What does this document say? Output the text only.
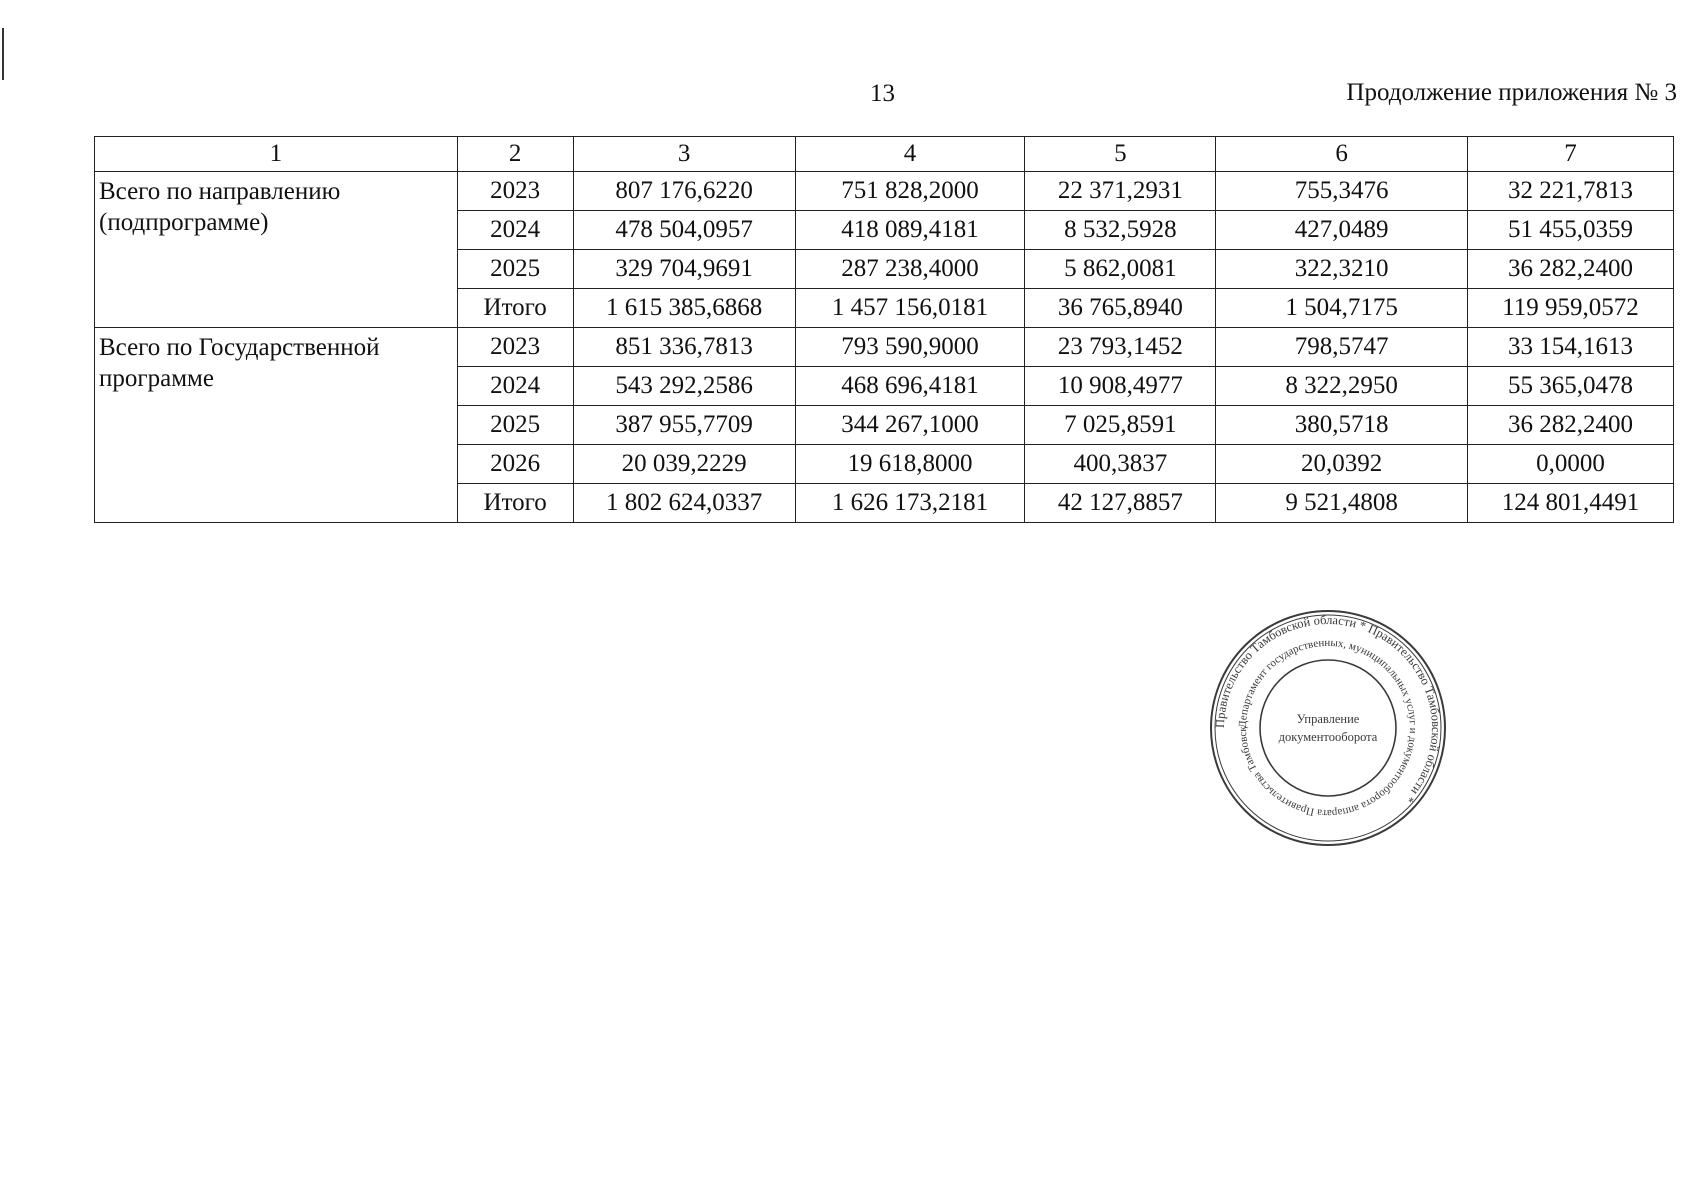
13	Продолжение приложения № 3
1	2	3	4	5	6	7
Всего по направлению (подпрограмме)	2023	807 176,6220	751 828,2000	22 371,2931	755,3476	32 221,7813
	2024	478 504,0957	418 089,4181	8 532,5928	427,0489	51 455,0359
	2025	329 704,9691	287 238,4000	5 862,0081	322,3210	36 282,2400
	Итого	1 615 385,6868	1 457 156,0181	36 765,8940	1 504,7175	119 959,0572
Всего по Государственной программе	2023	851 336,7813	793 590,9000	23 793,1452	798,5747	33 154,1613
	2024	543 292,2586	468 696,4181	10 908,4977	8 322,2950	55 365,0478
	2025	387 955,7709	344 267,1000	7 025,8591	380,5718	36 282,2400
	2026	20 039,2229	19 618,8000	400,3837	20,0392	0,0000
	Итого	1 802 624,0337	1 626 173,2181	42 127,8857	9 521,4808	124 801,4491
Правительство Тамбовской области * Правительство Тамбовской области *
Департамент государственных, муниципальных услуг и документооборота аппарата Правительства Тамбовск
Управление
документооборота
